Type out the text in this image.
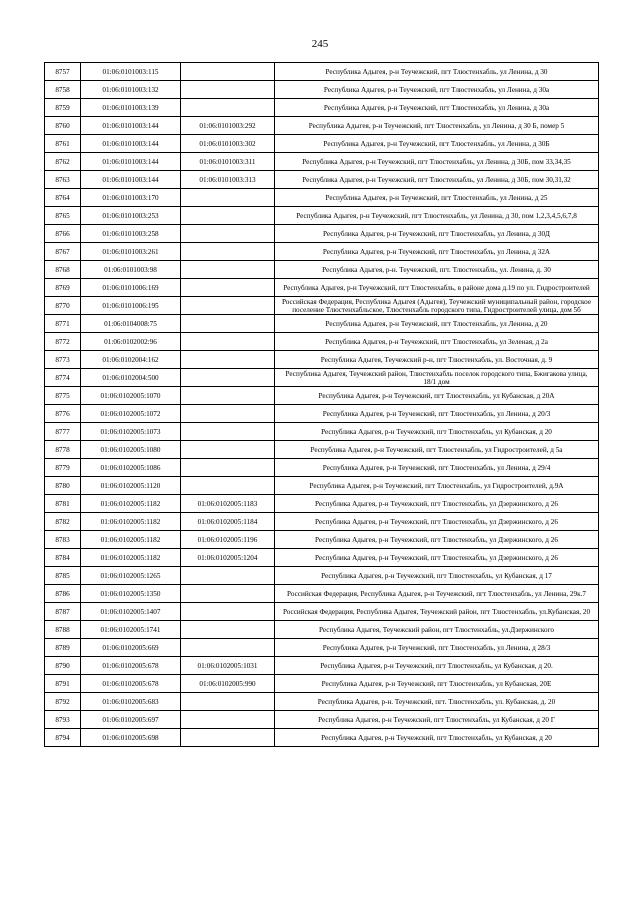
245
8757	01:06:0101003:115		Республика Адыгея, р-н Теучежский, пгт Тлюстенхабль, ул Ленина, д 30
8758	01:06:0101003:132		Республика Адыгея, р-н Теучежский, пгт Тлюстенхабль, ул Ленина, д 30а
8759	01:06:0101003:139		Республика Адыгея, р-н Теучежский, пгт Тлюстенхабль, ул Ленина, д 30а
8760	01:06:0101003:144	01:06:0101003:292	Республика Адыгея, р-н Теучежский, пгт Тлюстенхабль, ул Ленина, д 30 Б, помер 5
8761	01:06:0101003:144	01:06:0101003:302	Республика Адыгея, р-н Теучежский, пгт Тлюстенхабль, ул Ленина, д 30Б
8762	01:06:0101003:144	01:06:0101003:311	Республика Адыгея, р-н Теучежский, пгт Тлюстенхабль, ул Ленина, д 30Б, пом 33,34,35
8763	01:06:0101003:144	01:06:0101003:313	Республика Адыгея, р-н Теучежский, пгт Тлюстенхабль, ул Ленина, д 30Б, пом 30,31,32
8764	01:06:0101003:170		Республика Адыгея, р-н Теучежский, пгт Тлюстенхабль, ул Ленина, д 25
8765	01:06:0101003:253		Республика Адыгея, р-н Теучежский, пгт Тлюстенхабль, ул Ленина, д 30, пом 1,2,3,4,5,6,7,8
8766	01:06:0101003:258		Республика Адыгея, р-н Теучежский, пгт Тлюстенхабль, ул Ленина, д 30Д
8767	01:06:0101003:261		Республика Адыгея, р-н Теучежский, пгт Тлюстенхабль, ул Ленина, д 32А
8768	01:06:0101003:98		Республика Адыгея, р-н. Теучежский, пгт. Тлюстенхабль, ул. Ленина, д. 30
8769	01:06:0101006:169		Республика Адыгея, р-н Теучежский, пгт Тлюстенхабль, в районе дома д.19 по ул. Гидростроителей
8770	01:06:0101006:195		Российская Федерация, Республика Адыгея (Адыгея), Теучежский муниципальный район, городское поселение Тлюстенхабльское, Тлюстенхабль городского типа, Гидростроителей улица, дом 5б
8771	01:06:0104008:75		Республика Адыгея, р-н Теучежский, пгт Тлюстенхабль, ул Ленина, д 20
8772	01:06:0102002:96		Республика Адыгея, р-н Теучежский, пгт Тлюстенхабль, ул Зеленая, д 2а
8773	01:06:0102004:162		Республика Адыгея, Теучежский р-н, пгт Тлюстенхабль, ул. Восточная, д. 9
8774	01:06:0102004:500		Республика Адыгея, Теучежский район, Тлюстенхабль поселок городского типа, Бжигакова улица, 18/1 дом
8775	01:06:0102005:1070		Республика Адыгея, р-н Теучежский, пгт Тлюстенхабль, ул Кубанская, д 20А
8776	01:06:0102005:1072		Республика Адыгея, р-н Теучежский, пгт Тлюстенхабль, ул Ленина, д 20/3
8777	01:06:0102005:1073		Республика Адыгея, р-н Теучежский, пгт Тлюстенхабль, ул Кубанская, д 20
8778	01:06:0102005:1080		Республика Адыгея, р-н Теучежский, пгт Тлюстенхабль, ул Гидростроителей, д 5а
8779	01:06:0102005:1086		Республика Адыгея, р-н Теучежский, пгт Тлюстенхабль, ул Ленина, д 29/4
8780	01:06:0102005:1120		Республика Адыгея, р-н Теучежский, пгт Тлюстенхабль, ул Гидростроителей, д.9А
8781	01:06:0102005:1182	01:06:0102005:1183	Республика Адыгея, р-н Теучежский, пгт Тлюстенхабль, ул Дзержинского, д 26
8782	01:06:0102005:1182	01:06:0102005:1184	Республика Адыгея, р-н Теучежский, пгт Тлюстенхабль, ул Дзержинского, д 26
8783	01:06:0102005:1182	01:06:0102005:1196	Республика Адыгея, р-н Теучежский, пгт Тлюстенхабль, ул Дзержинского, д 26
8784	01:06:0102005:1182	01:06:0102005:1204	Республика Адыгея, р-н Теучежский, пгт Тлюстенхабль, ул Дзержинского, д 26
8785	01:06:0102005:1265		Республика Адыгея, р-н Теучежский, пгт Тлюстенхабль, ул Кубанская, д 17
8786	01:06:0102005:1350		Российская Федерация, Республика Адыгея, р-н Теучежский, пгт Тлюстенхабль, ул Ленина, 29к.7
8787	01:06:0102005:1407		Российская Федерация, Республика Адыгея, Теучежский район, пгт Тлюстенхабль, ул.Кубанская, 20
8788	01:06:0102005:1741		Республика Адыгея, Теучежский район, пгт Тлюстенхабль, ул.Дзержинского
8789	01:06:0102005:669		Республика Адыгея, р-н Теучежский, пгт Тлюстенхабль, ул Ленина, д 28/3
8790	01:06:0102005:678	01:06:0102005:1031	Республика Адыгея, р-н Теучежский, пгт Тлюстенхабль, ул Кубанская, д 20.
8791	01:06:0102005:678	01:06:0102005:990	Республика Адыгея, р-н Теучежский, пгт Тлюстенхабль, ул Кубанская, 20Е
8792	01:06:0102005:683		Республика Адыгея, р-н. Теучежский, пгт. Тлюстенхабль, ул. Кубанская, д. 20
8793	01:06:0102005:697		Республика Адыгея, р-н Теучежский, пгт Тлюстенхабль, ул Кубанская, д 20 Г
8794	01:06:0102005:698		Республика Адыгея, р-н Теучежский, пгт Тлюстенхабль, ул Кубанская, д 20
